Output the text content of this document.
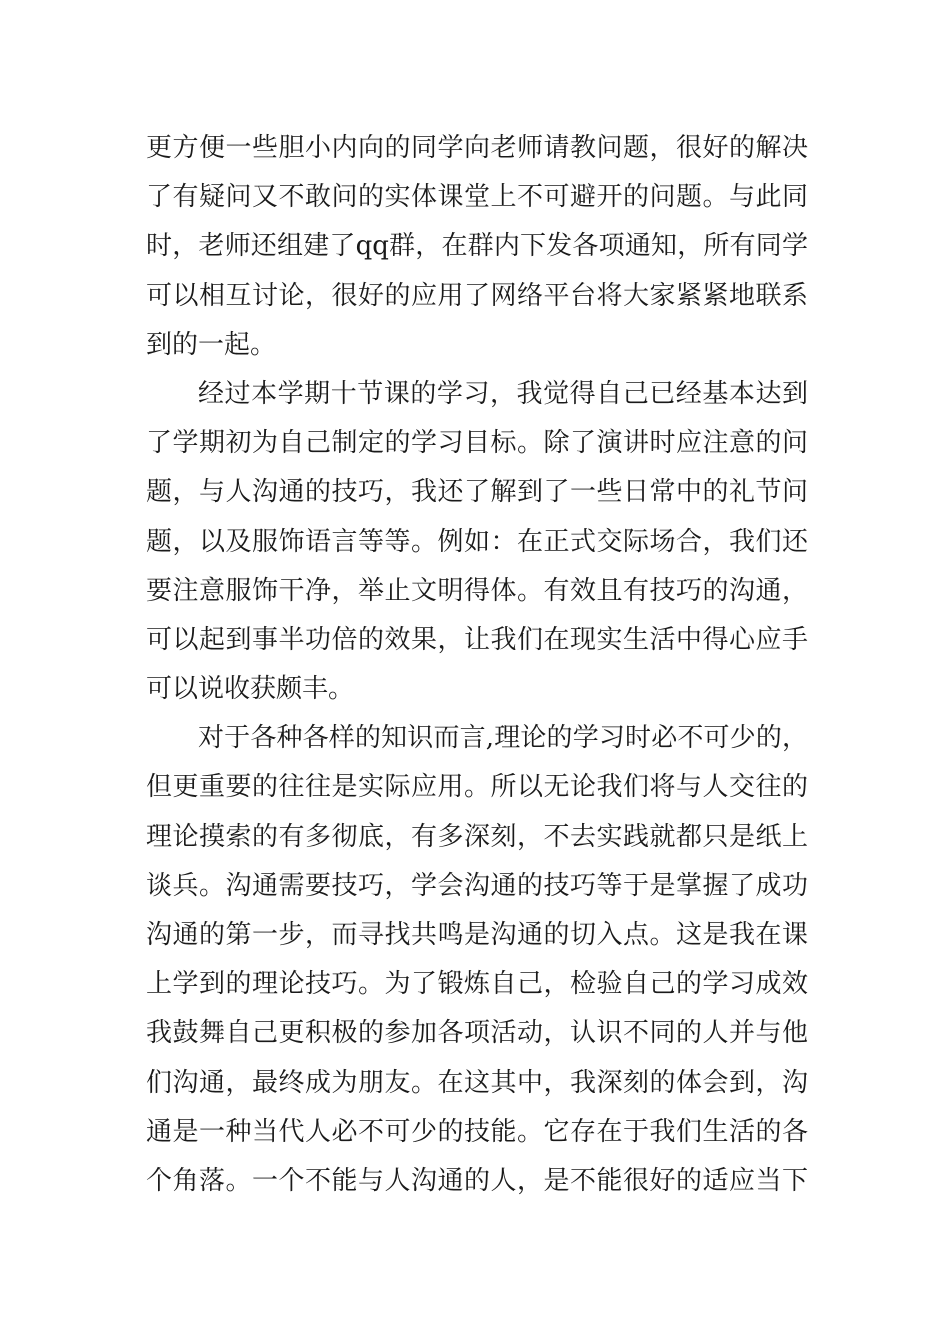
更方便一些胆小内向的同学向老师请教问题，很好的解决
了有疑问又不敢问的实体课堂上不可避开的问题。与此同
时，老师还组建了qq群，在群内下发各项通知，所有同学
可以相互讨论，很好的应用了网络平台将大家紧紧地联系
到的一起。
经过本学期十节课的学习，我觉得自己已经基本达到
了学期初为自己制定的学习目标。除了演讲时应注意的问
题，与人沟通的技巧，我还了解到了一些日常中的礼节问
题，以及服饰语言等等。例如：在正式交际场合，我们还
要注意服饰干净，举止文明得体。有效且有技巧的沟通，
可以起到事半功倍的效果，让我们在现实生活中得心应手
可以说收获颇丰。
对于各种各样的知识而言,理论的学习时必不可少的，
但更重要的往往是实际应用。所以无论我们将与人交往的
理论摸索的有多彻底，有多深刻，不去实践就都只是纸上
谈兵。沟通需要技巧，学会沟通的技巧等于是掌握了成功
沟通的第一步，而寻找共鸣是沟通的切入点。这是我在课
上学到的理论技巧。为了锻炼自己，检验自己的学习成效
我鼓舞自己更积极的参加各项活动，认识不同的人并与他
们沟通，最终成为朋友。在这其中，我深刻的体会到，沟
通是一种当代人必不可少的技能。它存在于我们生活的各
个角落。一个不能与人沟通的人，是不能很好的适应当下
